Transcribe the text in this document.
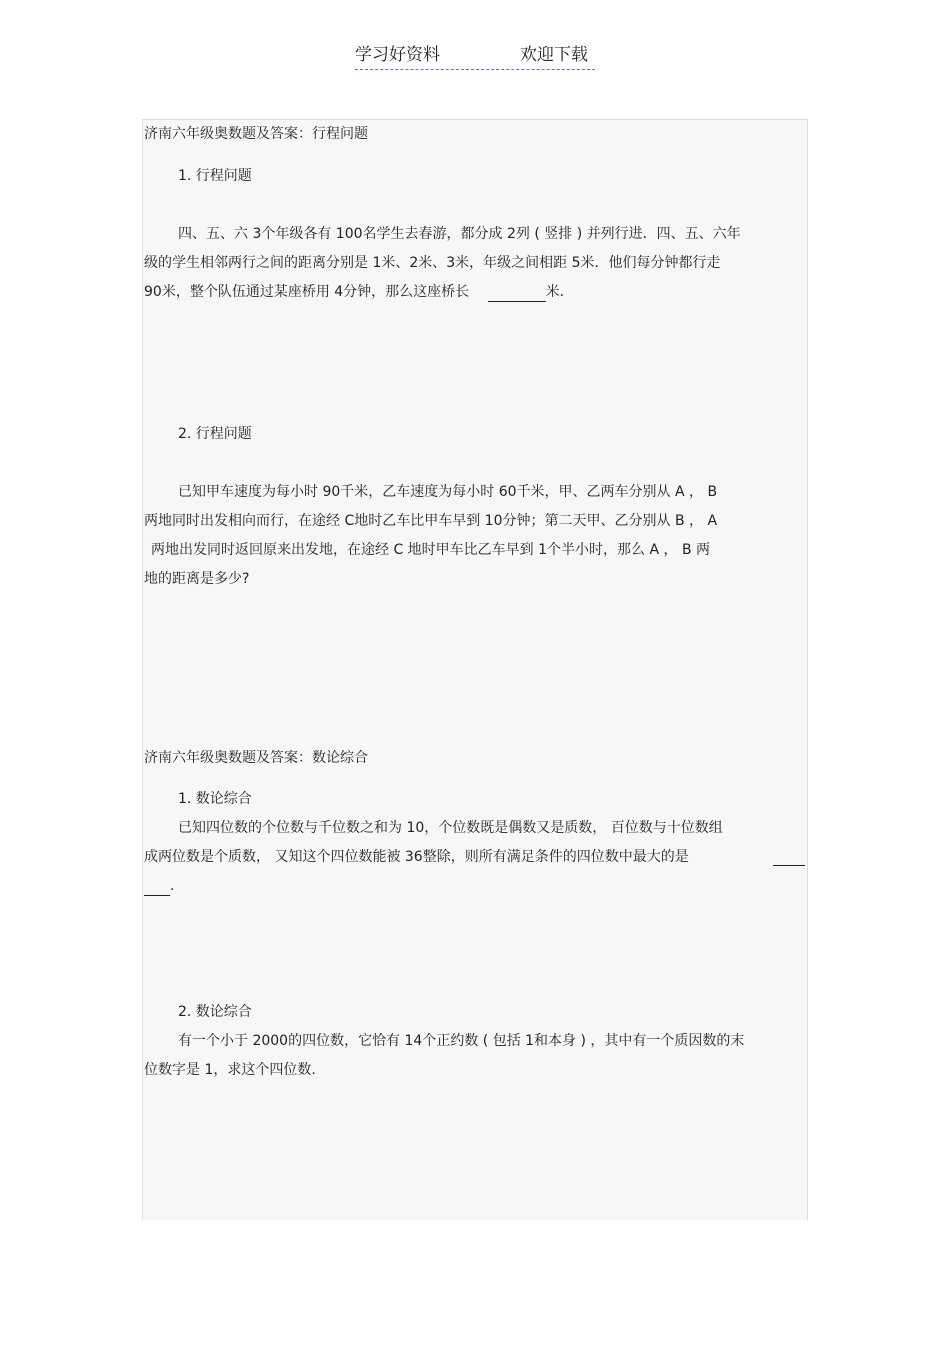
学习好资料	欢迎下载
济南六年级奥数题及答案：行程问题
1. 行程问题
四、五、六 3个年级各有 100名学生去春游，都分成 2列 ( 竖排 ) 并列行进．四、五、六年
级的学生相邻两行之间的距离分别是 1米、2米、3米，年级之间相距 5米．他们每分钟都行走
90米，整个队伍通过某座桥用 4分钟，那么这座桥长	米．
2. 行程问题
已知甲车速度为每小时 90千米，乙车速度为每小时 60千米，甲、乙两车分别从 A ， B
两地同时出发相向而行，在途经 C地时乙车比甲车早到 10分钟；第二天甲、乙分别从 B ， A
两地出发同时返回原来出发地，在途经 C 地时甲车比乙车早到 1个半小时，那么 A ， B 两
地的距离是多少?
济南六年级奥数题及答案：数论综合
1. 数论综合
已知四位数的个位数与千位数之和为 10，个位数既是偶数又是质数， 百位数与十位数组
成两位数是个质数， 又知这个四位数能被 36整除，则所有满足条件的四位数中最大的是
.
2. 数论综合
有一个小于 2000的四位数，它恰有 14个正约数 ( 包括 1和本身 ) ，其中有一个质因数的末
位数字是 1，求这个四位数.
